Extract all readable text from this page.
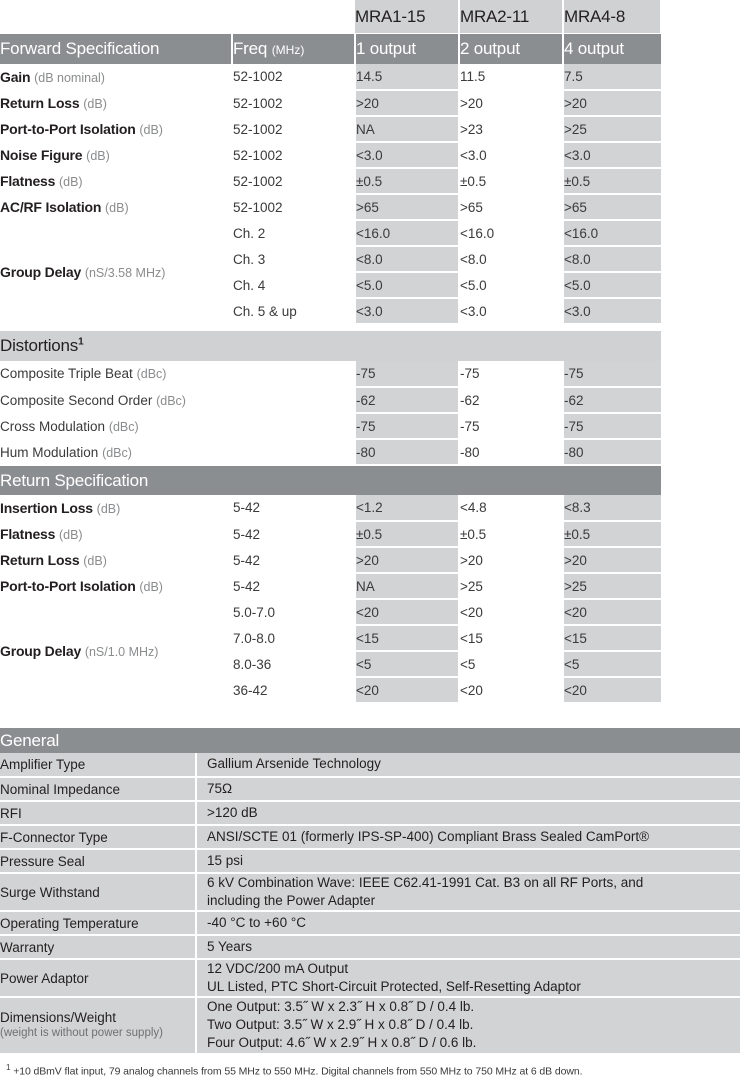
		MRA1-15	MRA2-11	MRA4-8
Forward Specification	Freq (MHz)	1 output	2 output	4 output
Gain (dB nominal)	52-1002	14.5	11.5	7.5
Return Loss (dB)	52-1002	>20	>20	>20
Port-to-Port Isolation (dB)	52-1002	NA	>23	>25
Noise Figure (dB)	52-1002	<3.0	<3.0	<3.0
Flatness (dB)	52-1002	±0.5	±0.5	±0.5
AC/RF Isolation (dB)	52-1002	>65	>65	>65
Group Delay (nS/3.58 MHz)	Ch. 2	<16.0	<16.0	<16.0
	Ch. 3	<8.0	<8.0	<8.0
	Ch. 4	<5.0	<5.0	<5.0
	Ch. 5 & up	<3.0	<3.0	<3.0

Distortions$^1$
Composite Triple Beat (dBc)		-75	-75	-75
Composite Second Order (dBc)		-62	-62	-62
Cross Modulation (dBc)		-75	-75	-75
Hum Modulation (dBc)		-80	-80	-80
Return Specification				
Insertion Loss (dB)	5-42	<1.2	<4.8	<8.3
Flatness (dB)	5-42	±0.5	±0.5	±0.5
Return Loss (dB)	5-42	>20	>20	>20
Port-to-Port Isolation (dB)	5-42	NA	>25	>25
Group Delay (nS/1.0 MHz)	5.0-7.0	<20	<20	<20
	7.0-8.0	<15	<15	<15
	8.0-36	<5	<5	<5
	36-42	<20	<20	<20
General	
Amplifier Type	Gallium Arsenide Technology

Nominal Impedance	75Ω

RFI	>120 dB

F-Connector Type	ANSI/SCTE 01 (formerly IPS-SP-400) Compliant Brass Sealed CamPort®

Pressure Seal	15 psi

Surge Withstand	6 kV Combination Wave: IEEE C62.41-1991 Cat. B3 on all RF Ports, and
including the Power Adapter

Operating Temperature	-40 °C to +60 °C

Warranty	5 Years

Power Adaptor	12 VDC/200 mA Output
UL Listed, PTC Short-Circuit Protected, Self-Resetting Adaptor

Dimensions/Weight
(weight is without power supply)	One Output: 3.5˝ W x 2.3˝ H x 0.8˝ D / 0.4 lb.
Two Output: 3.5˝ W x 2.9˝ H x 0.8˝ D / 0.4 lb.
Four Output: 4.6˝ W x 2.9˝ H x 0.8˝ D / 0.6 lb.
$^1$ +10 dBmV flat input, 79 analog channels from 55 MHz to 550 MHz. Digital channels from 550 MHz to 750 MHz at 6 dB down.
